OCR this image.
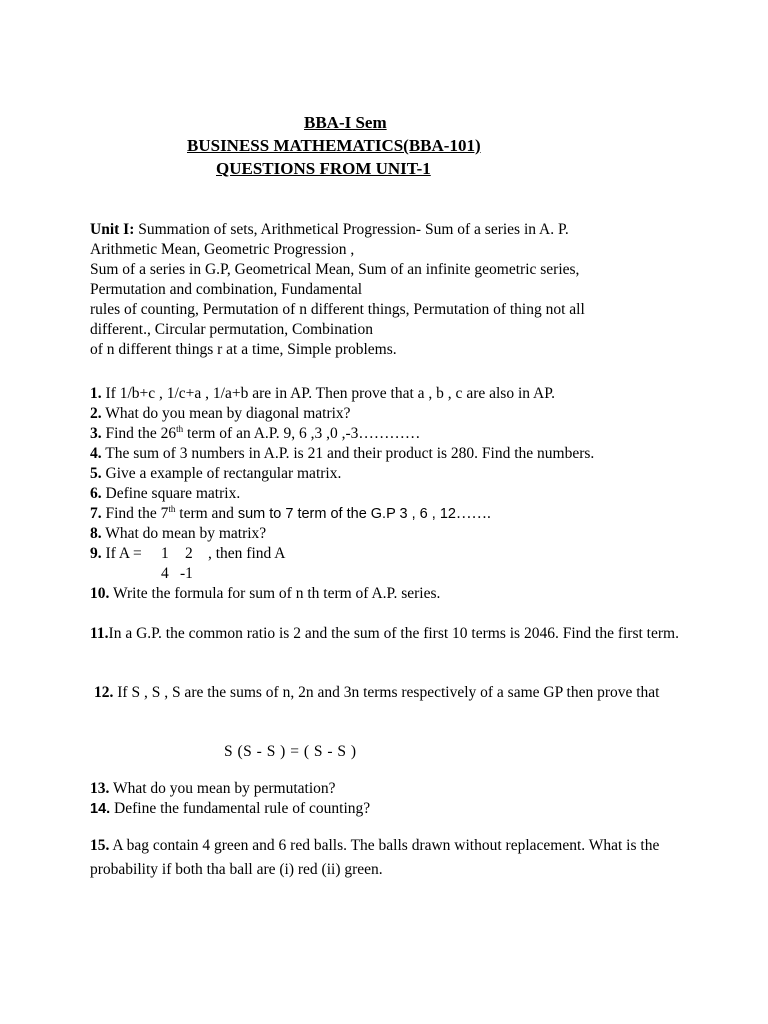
BBA-I Sem
BUSINESS MATHEMATICS(BBA-101)
QUESTIONS FROM UNIT-1
Unit I: Summation of sets, Arithmetical Progression- Sum of a series in A. P.
Arithmetic Mean, Geometric Progression ,
Sum of a series in G.P, Geometrical Mean, Sum of an infinite geometric series,
Permutation and combination, Fundamental
rules of counting, Permutation of n different things, Permutation of thing not all
different., Circular permutation, Combination
of n different things r at a time, Simple problems.
1. If 1/b+c , 1/c+a , 1/a+b are in AP. Then prove that a , b , c are also in AP.
2. What do you mean by diagonal matrix?
3. Find the 26th term of an A.P. 9, 6 ,3 ,0 ,-3…………
4. The sum of 3 numbers in A.P. is 21 and their product is 280. Find the numbers.
5. Give a example of rectangular matrix.
6. Define square matrix.
7. Find the 7th term and sum to 7 term of the G.P 3 , 6 , 12…….
8. What do mean by matrix?
9. If A = 1 2 , then find A
4 -1
10. Write the formula for sum of n th term of A.P. series.
11.In a G.P. the common ratio is 2 and the sum of the first 10 terms is 2046. Find the first term.
12. If S , S , S are the sums of n, 2n and 3n terms respectively of a same GP then prove that
S (S - S ) = ( S - S )
13. What do you mean by permutation?
14. Define the fundamental rule of counting?
15. A bag contain 4 green and 6 red balls. The balls drawn without replacement. What is the probability if both tha ball are (i) red (ii) green.
